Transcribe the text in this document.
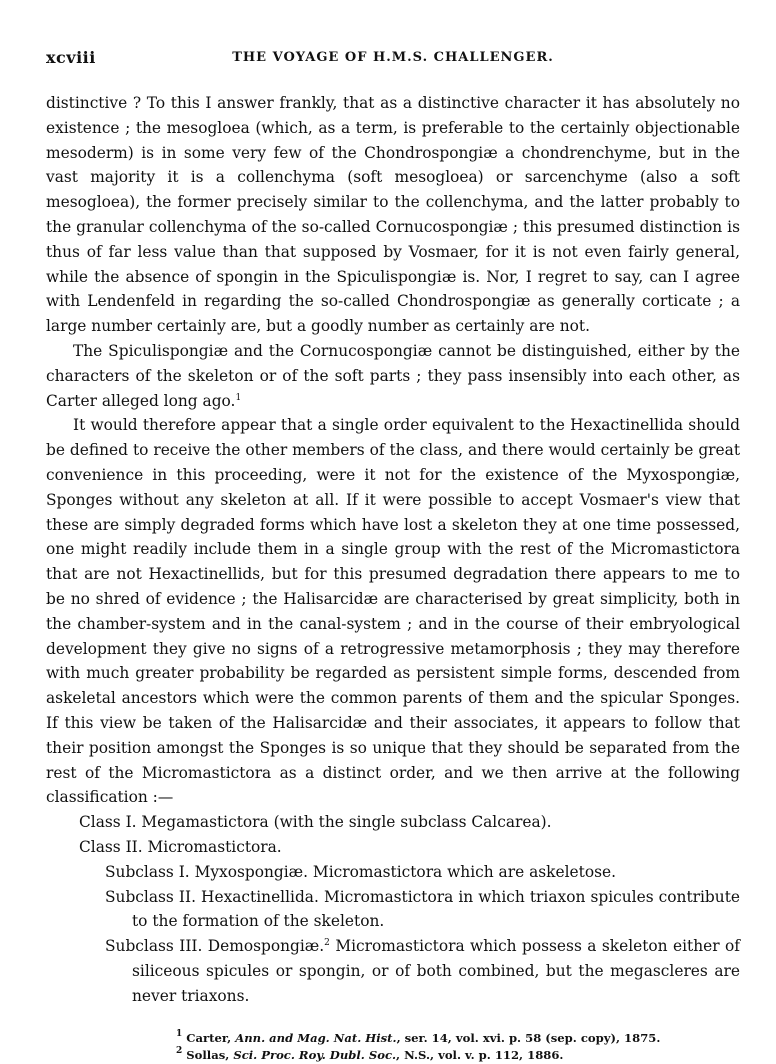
xcviii	THE VOYAGE OF H.M.S. CHALLENGER.

distinctive ? To this I answer frankly, that as a distinctive character it has absolutely no existence ; the mesogloea (which, as a term, is preferable to the certainly objectionable mesoderm) is in some very few of the Chondrospongiæ a chondrenchyme, but in the vast majority it is a collenchyma (soft mesogloea) or sarcenchyme (also a soft mesogloea), the former precisely similar to the collenchyma, and the latter probably to the granular collenchyma of the so-called Cornucospongiæ ; this presumed distinction is thus of far less value than that supposed by Vosmaer, for it is not even fairly general, while the absence of spongin in the Spiculispongiæ is. Nor, I regret to say, can I agree with Lendenfeld in regarding the so-called Chondrospongiæ as generally corticate ; a large number certainly are, but a goodly number as certainly are not.

The Spiculispongiæ and the Cornucospongiæ cannot be distinguished, either by the characters of the skeleton or of the soft parts ; they pass insensibly into each other, as Carter alleged long ago.$^1$

It would therefore appear that a single order equivalent to the Hexactinellida should be defined to receive the other members of the class, and there would certainly be great convenience in this proceeding, were it not for the existence of the Myxospongiæ, Sponges without any skeleton at all. If it were possible to accept Vosmaer's view that these are simply degraded forms which have lost a skeleton they at one time possessed, one might readily include them in a single group with the rest of the Micromastictora that are not Hexactinellids, but for this presumed degradation there appears to me to be no shred of evidence ; the Halisarcidæ are characterised by great simplicity, both in the chamber-system and in the canal-system ; and in the course of their embryological development they give no signs of a retrogressive metamorphosis ; they may therefore with much greater probability be regarded as persistent simple forms, descended from askeletal ancestors which were the common parents of them and the spicular Sponges. If this view be taken of the Halisarcidæ and their associates, it appears to follow that their position amongst the Sponges is so unique that they should be separated from the rest of the Micromastictora as a distinct order, and we then arrive at the following classification :—

Class I. Megamastictora (with the single subclass Calcarea).
Class II. Micromastictora.
Subclass I. Myxospongiæ. Micromastictora which are askeletose.
Subclass II. Hexactinellida. Micromastictora in which triaxon spicules contribute to the formation of the skeleton.
Subclass III. Demospongiæ.$^2$ Micromastictora which possess a skeleton either of siliceous spicules or spongin, or of both combined, but the megascleres are never triaxons.
$^1$ Carter, Ann. and Mag. Nat. Hist., ser. 14, vol. xvi. p. 58 (sep. copy), 1875.
$^2$ Sollas, Sci. Proc. Roy. Dubl. Soc., N.S., vol. v. p. 112, 1886.
